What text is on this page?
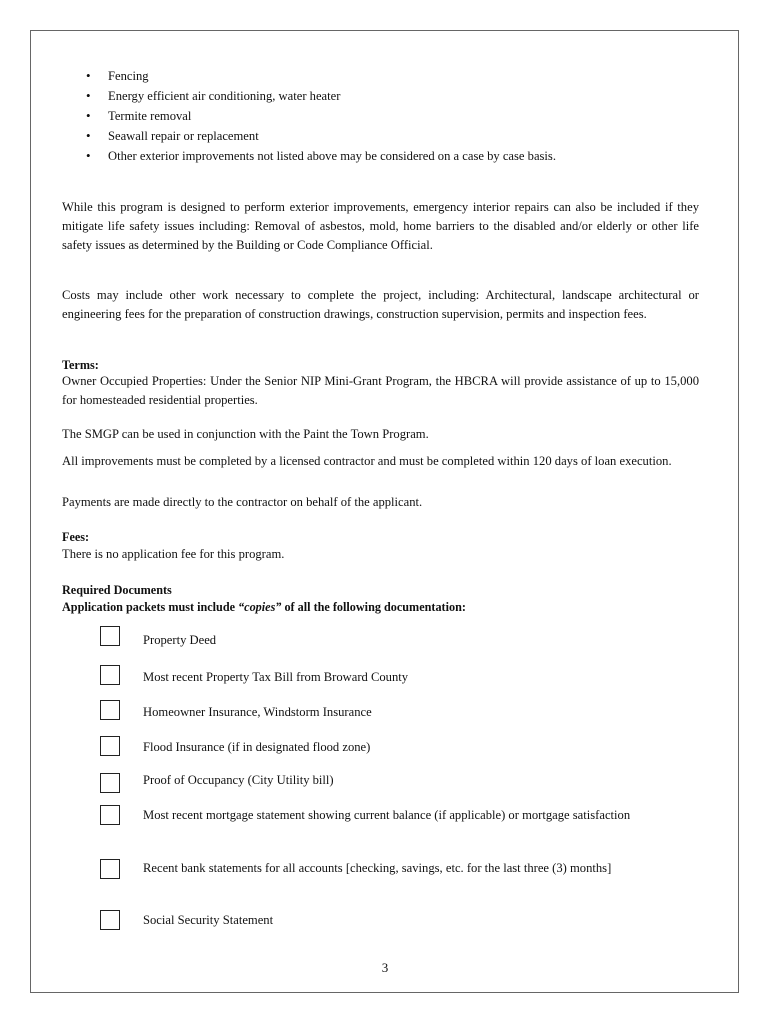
• Fencing
• Energy efficient air conditioning, water heater
• Termite removal
• Seawall repair or replacement
• Other exterior improvements not listed above may be considered on a case by case basis.

While this program is designed to perform exterior improvements, emergency interior repairs can also be included if they mitigate life safety issues including: Removal of asbestos, mold, home barriers to the disabled and/or elderly or other life safety issues as determined by the Building or Code Compliance Official.

Costs may include other work necessary to complete the project, including: Architectural, landscape architectural or engineering fees for the preparation of construction drawings, construction supervision, permits and inspection fees.

Terms:

Owner Occupied Properties: Under the Senior NIP Mini-Grant Program, the HBCRA will provide assistance of up to 15,000 for homesteaded residential properties.

The SMGP can be used in conjunction with the Paint the Town Program.

All improvements must be completed by a licensed contractor and must be completed within 120 days of loan execution.

Payments are made directly to the contractor on behalf of the applicant.

Fees:

There is no application fee for this program.

Required Documents

Application packets must include “copies” of all the following documentation:

Property Deed
Most recent Property Tax Bill from Broward County
Homeowner Insurance, Windstorm Insurance
Flood Insurance (if in designated flood zone)
Proof of Occupancy (City Utility bill)
Most recent mortgage statement showing current balance (if applicable) or mortgage satisfaction
Recent bank statements for all accounts [checking, savings, etc. for the last three (3) months]
Social Security Statement
3
